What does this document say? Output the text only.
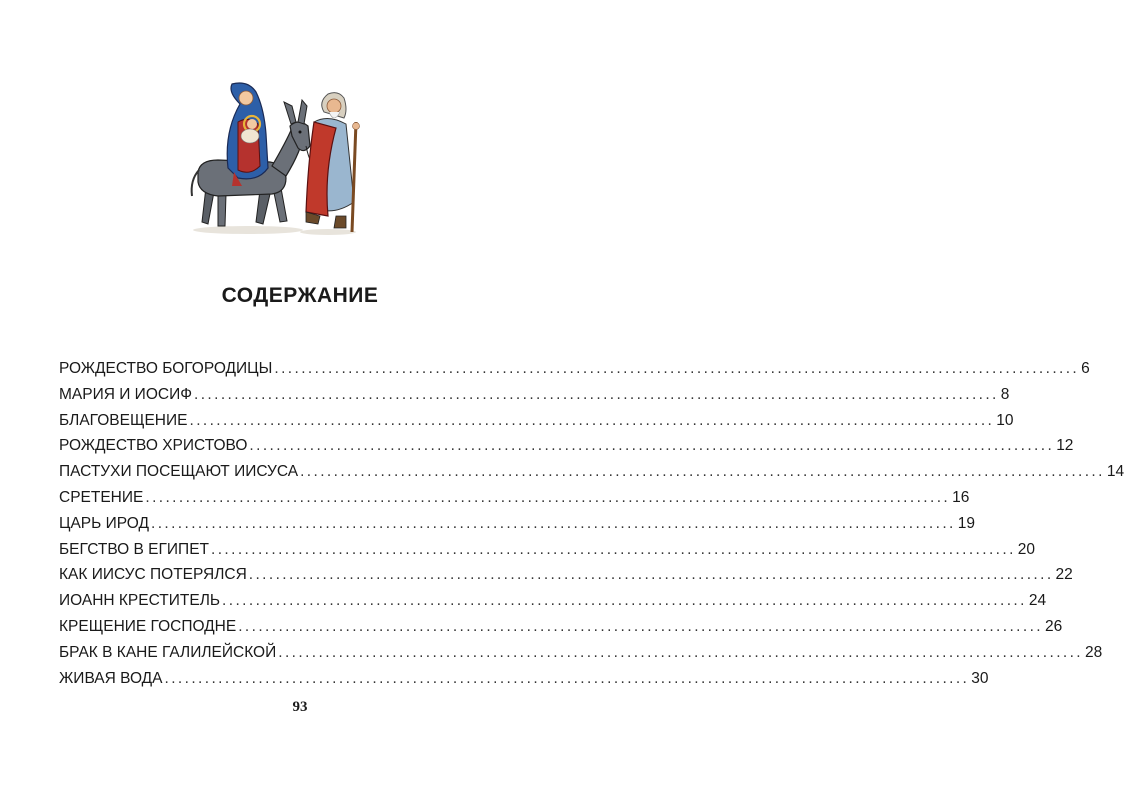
СОДЕРЖАНИЕ
РОЖДЕСТВО БОГОРОДИЦЫ ........................................................................................................................ 6
МАРИЯ И ИОСИФ ........................................................................................................................ 8
БЛАГОВЕЩЕНИЕ ........................................................................................................................ 10
РОЖДЕСТВО ХРИСТОВО ........................................................................................................................ 12
ПАСТУХИ ПОСЕЩАЮТ ИИСУСА ........................................................................................................................ 14
СРЕТЕНИЕ ........................................................................................................................ 16
ЦАРЬ ИРОД ........................................................................................................................ 19
БЕГСТВО В ЕГИПЕТ ........................................................................................................................ 20
КАК ИИСУС ПОТЕРЯЛСЯ ........................................................................................................................ 22
ИОАНН КРЕСТИТЕЛЬ ........................................................................................................................ 24
КРЕЩЕНИЕ ГОСПОДНЕ ........................................................................................................................ 26
БРАК В КАНЕ ГАЛИЛЕЙСКОЙ ........................................................................................................................ 28
ЖИВАЯ ВОДА ........................................................................................................................ 30
93
